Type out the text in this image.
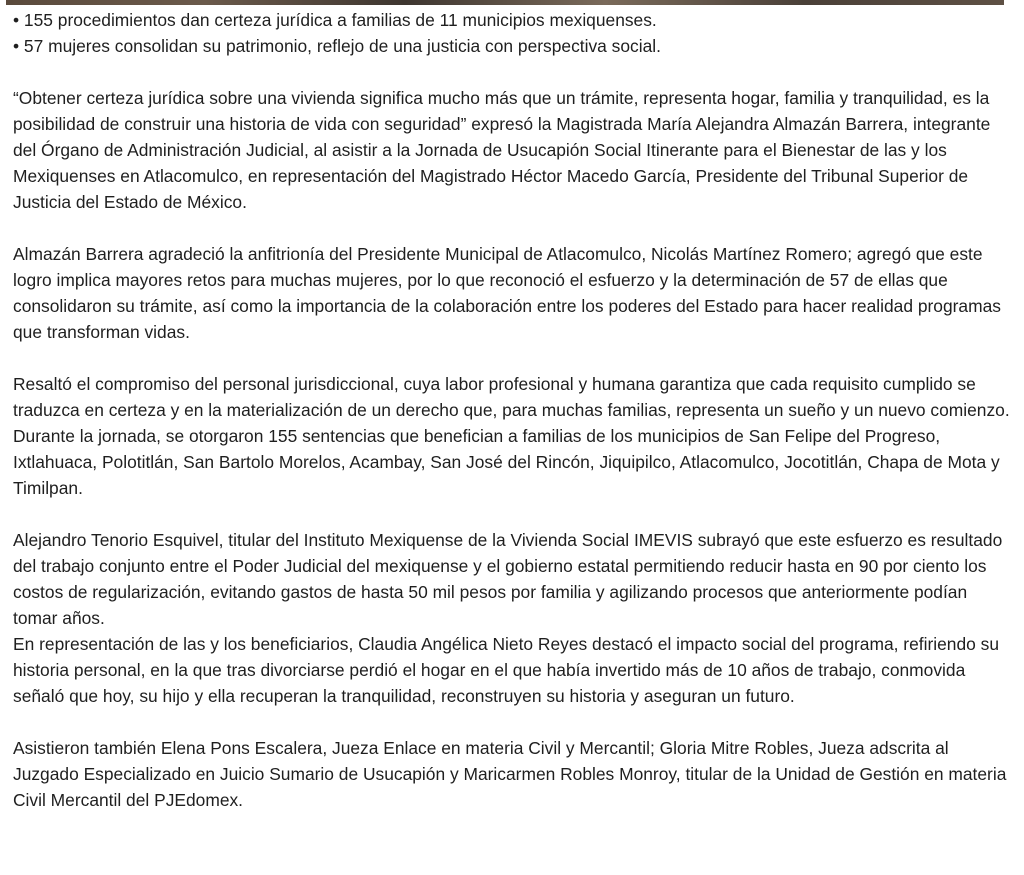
• 155 procedimientos dan certeza jurídica a familias de 11 municipios mexiquenses.

• 57 mujeres consolidan su patrimonio, reflejo de una justicia con perspectiva social.

“Obtener certeza jurídica sobre una vivienda significa mucho más que un trámite, representa hogar, familia y tranquilidad, es la posibilidad de construir una historia de vida con seguridad” expresó la Magistrada María Alejandra Almazán Barrera, integrante del Órgano de Administración Judicial, al asistir a la Jornada de Usucapión Social Itinerante para el Bienestar de las y los Mexiquenses en Atlacomulco, en representación del Magistrado Héctor Macedo García, Presidente del Tribunal Superior de Justicia del Estado de México.

Almazán Barrera agradeció la anfitrionía del Presidente Municipal de Atlacomulco, Nicolás Martínez Romero; agregó que este logro implica mayores retos para muchas mujeres, por lo que reconoció el esfuerzo y la determinación de 57 de ellas que consolidaron su trámite, así como la importancia de la colaboración entre los poderes del Estado para hacer realidad programas que transforman vidas.

Resaltó el compromiso del personal jurisdiccional, cuya labor profesional y humana garantiza que cada requisito cumplido se traduzca en certeza y en la materialización de un derecho que, para muchas familias, representa un sueño y un nuevo comienzo.

Durante la jornada, se otorgaron 155 sentencias que benefician a familias de los municipios de San Felipe del Progreso, Ixtlahuaca, Polotitlán, San Bartolo Morelos, Acambay, San José del Rincón, Jiquipilco, Atlacomulco, Jocotitlán, Chapa de Mota y Timilpan.

Alejandro Tenorio Esquivel, titular del Instituto Mexiquense de la Vivienda Social IMEVIS subrayó que este esfuerzo es resultado del trabajo conjunto entre el Poder Judicial del mexiquense y el gobierno estatal permitiendo reducir hasta en 90 por ciento los costos de regularización, evitando gastos de hasta 50 mil pesos por familia y agilizando procesos que anteriormente podían tomar años.

En representación de las y los beneficiarios, Claudia Angélica Nieto Reyes destacó el impacto social del programa, refiriendo su historia personal, en la que tras divorciarse perdió el hogar en el que había invertido más de 10 años de trabajo, conmovida señaló que hoy, su hijo y ella recuperan la tranquilidad, reconstruyen su historia y aseguran un futuro.

Asistieron también Elena Pons Escalera, Jueza Enlace en materia Civil y Mercantil; Gloria Mitre Robles, Jueza adscrita al Juzgado Especializado en Juicio Sumario de Usucapión y Maricarmen Robles Monroy, titular de la Unidad de Gestión en materia Civil Mercantil del PJEdomex.
